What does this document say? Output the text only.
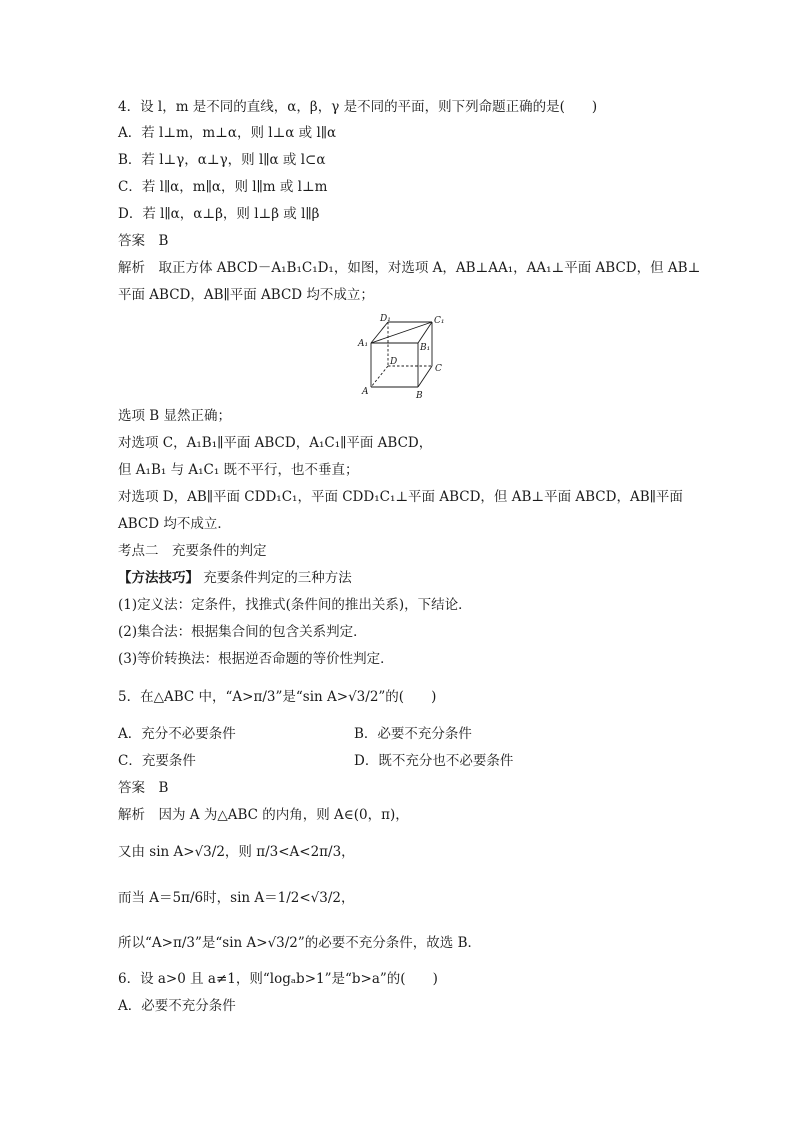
4．设 l，m 是不同的直线，α，β，γ 是不同的平面，则下列命题正确的是(　　)
A．若 l⊥m，m⊥α，则 l⊥α 或 l∥α
B．若 l⊥γ，α⊥γ，则 l∥α 或 l⊂α
C．若 l∥α，m∥α，则 l∥m 或 l⊥m
D．若 l∥α，α⊥β，则 l⊥β 或 l∥β
答案　B
解析　取正方体 ABCD－A₁B₁C₁D₁，如图，对选项 A，AB⊥AA₁，AA₁⊥平面 ABCD，但 AB⊥
平面 ABCD，AB∥平面 ABCD 均不成立；
D₁	C₁
A₁	B₁
D
C
A	B
选项 B 显然正确；
对选项 C，A₁B₁∥平面 ABCD，A₁C₁∥平面 ABCD，
但 A₁B₁ 与 A₁C₁ 既不平行，也不垂直；
对选项 D，AB∥平面 CDD₁C₁，平面 CDD₁C₁⊥平面 ABCD，但 AB⊥平面 ABCD，AB∥平面
ABCD 均不成立．
考点二　充要条件的判定
【方法技巧】 充要条件判定的三种方法
(1)定义法：定条件，找推式(条件间的推出关系)，下结论．
(2)集合法：根据集合间的包含关系判定．
(3)等价转换法：根据逆否命题的等价性判定．
5．在△ABC 中，“A>π/3”是“sin A>√3/2”的(　　)
A．充分不必要条件	B．必要不充分条件
C．充要条件	D．既不充分也不必要条件
答案　B
解析　因为 A 为△ABC 的内角，则 A∈(0，π)，
又由 sin A>√3/2，则 π/3<A<2π/3，
而当 A＝5π/6时，sin A＝1/2<√3/2，
所以“A>π/3”是“sin A>√3/2”的必要不充分条件，故选 B．
6．设 a>0 且 a≠1，则“logₐb>1”是“b>a”的(　　)
A．必要不充分条件
